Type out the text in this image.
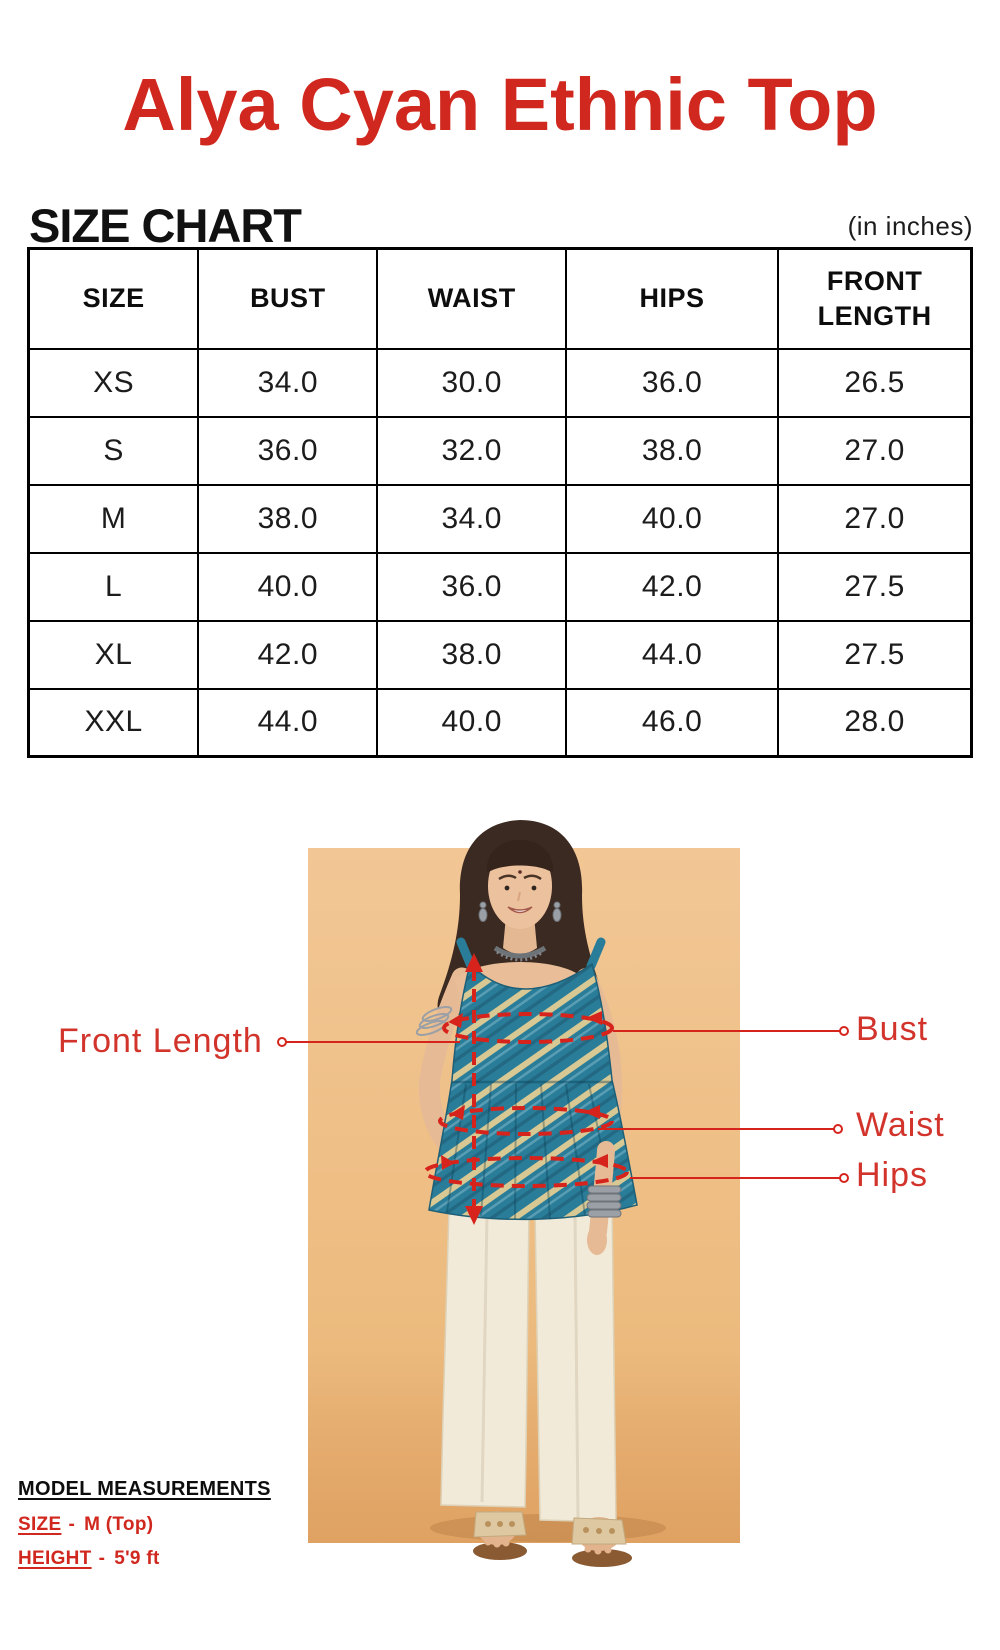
Alya Cyan Ethnic Top
SIZE CHART	(in inches)
SIZE	BUST	WAIST	HIPS	FRONT LENGTH
XS	34.0	30.0	36.0	26.5
S	36.0	32.0	38.0	27.0
M	38.0	34.0	40.0	27.0
L	40.0	36.0	42.0	27.5
XL	42.0	38.0	44.0	27.5
XXL	44.0	40.0	46.0	28.0
Front Length	Bust
Waist
Hips
MODEL MEASUREMENTS
SIZE - M (Top)
HEIGHT - 5'9 ft
